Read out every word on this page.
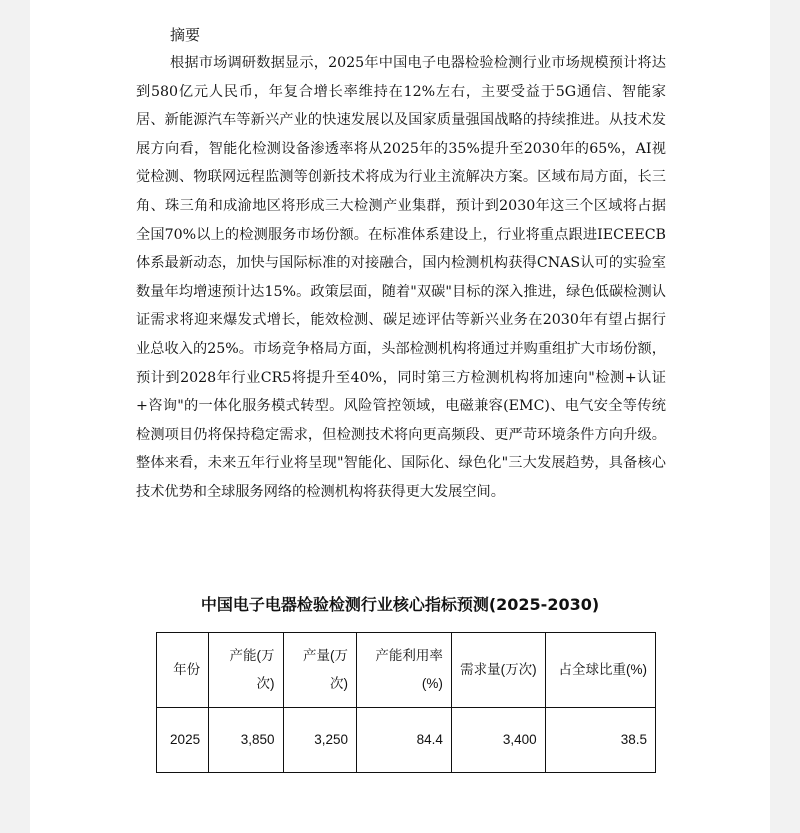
摘要

根据市场调研数据显示，2025年中国电子电器检验检测行业市场规模预计将达到580亿元人民币，年复合增长率维持在12%左右，主要受益于5G通信、智能家居、新能源汽车等新兴产业的快速发展以及国家质量强国战略的持续推进。从技术发展方向看，智能化检测设备渗透率将从2025年的35%提升至2030年的65%，AI视觉检测、物联网远程监测等创新技术将成为行业主流解决方案。区域布局方面，长三角、珠三角和成渝地区将形成三大检测产业集群，预计到2030年这三个区域将占据全国70%以上的检测服务市场份额。在标准体系建设上，行业将重点跟进IECEECB体系最新动态，加快与国际标准的对接融合，国内检测机构获得CNAS认可的实验室数量年均增速预计达15%。政策层面，随着"双碳"目标的深入推进，绿色低碳检测认证需求将迎来爆发式增长，能效检测、碳足迹评估等新兴业务在2030年有望占据行业总收入的25%。市场竞争格局方面，头部检测机构将通过并购重组扩大市场份额，预计到2028年行业CR5将提升至40%，同时第三方检测机构将加速向"检测+认证+咨询"的一体化服务模式转型。风险管控领域，电磁兼容(EMC)、电气安全等传统检测项目仍将保持稳定需求，但检测技术将向更高频段、更严苛环境条件方向升级。整体来看，未来五年行业将呈现"智能化、国际化、绿色化"三大发展趋势，具备核心技术优势和全球服务网络的检测机构将获得更大发展空间。

中国电子电器检验检测行业核心指标预测(2025-2030)
年份	产能(万次)	产量(万次)	产能利用率(%)	需求量(万次)	占全球比重(%)
2025	3,850	3,250	84.4	3,400	38.5
